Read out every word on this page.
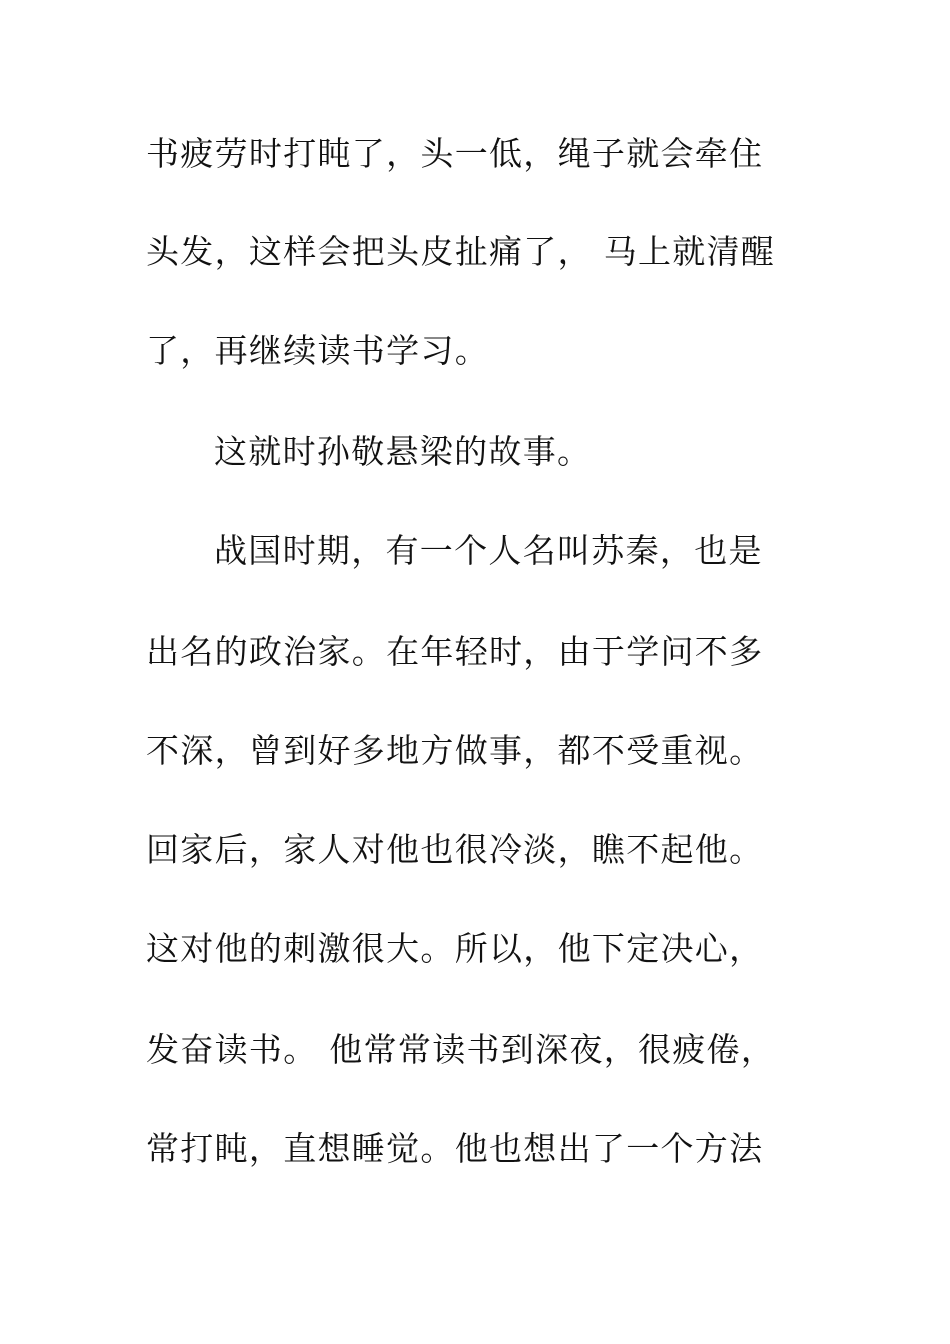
书疲劳时打盹了，头一低，绳子就会牵住
头发，这样会把头皮扯痛了， 马上就清醒
了，再继续读书学习。
这就时孙敬悬梁的故事。
战国时期，有一个人名叫苏秦，也是
出名的政治家。在年轻时，由于学问不多
不深，曾到好多地方做事，都不受重视。
回家后，家人对他也很冷淡，瞧不起他。
这对他的刺激很大。所以，他下定决心，
发奋读书。 他常常读书到深夜，很疲倦，
常打盹，直想睡觉。他也想出了一个方法
